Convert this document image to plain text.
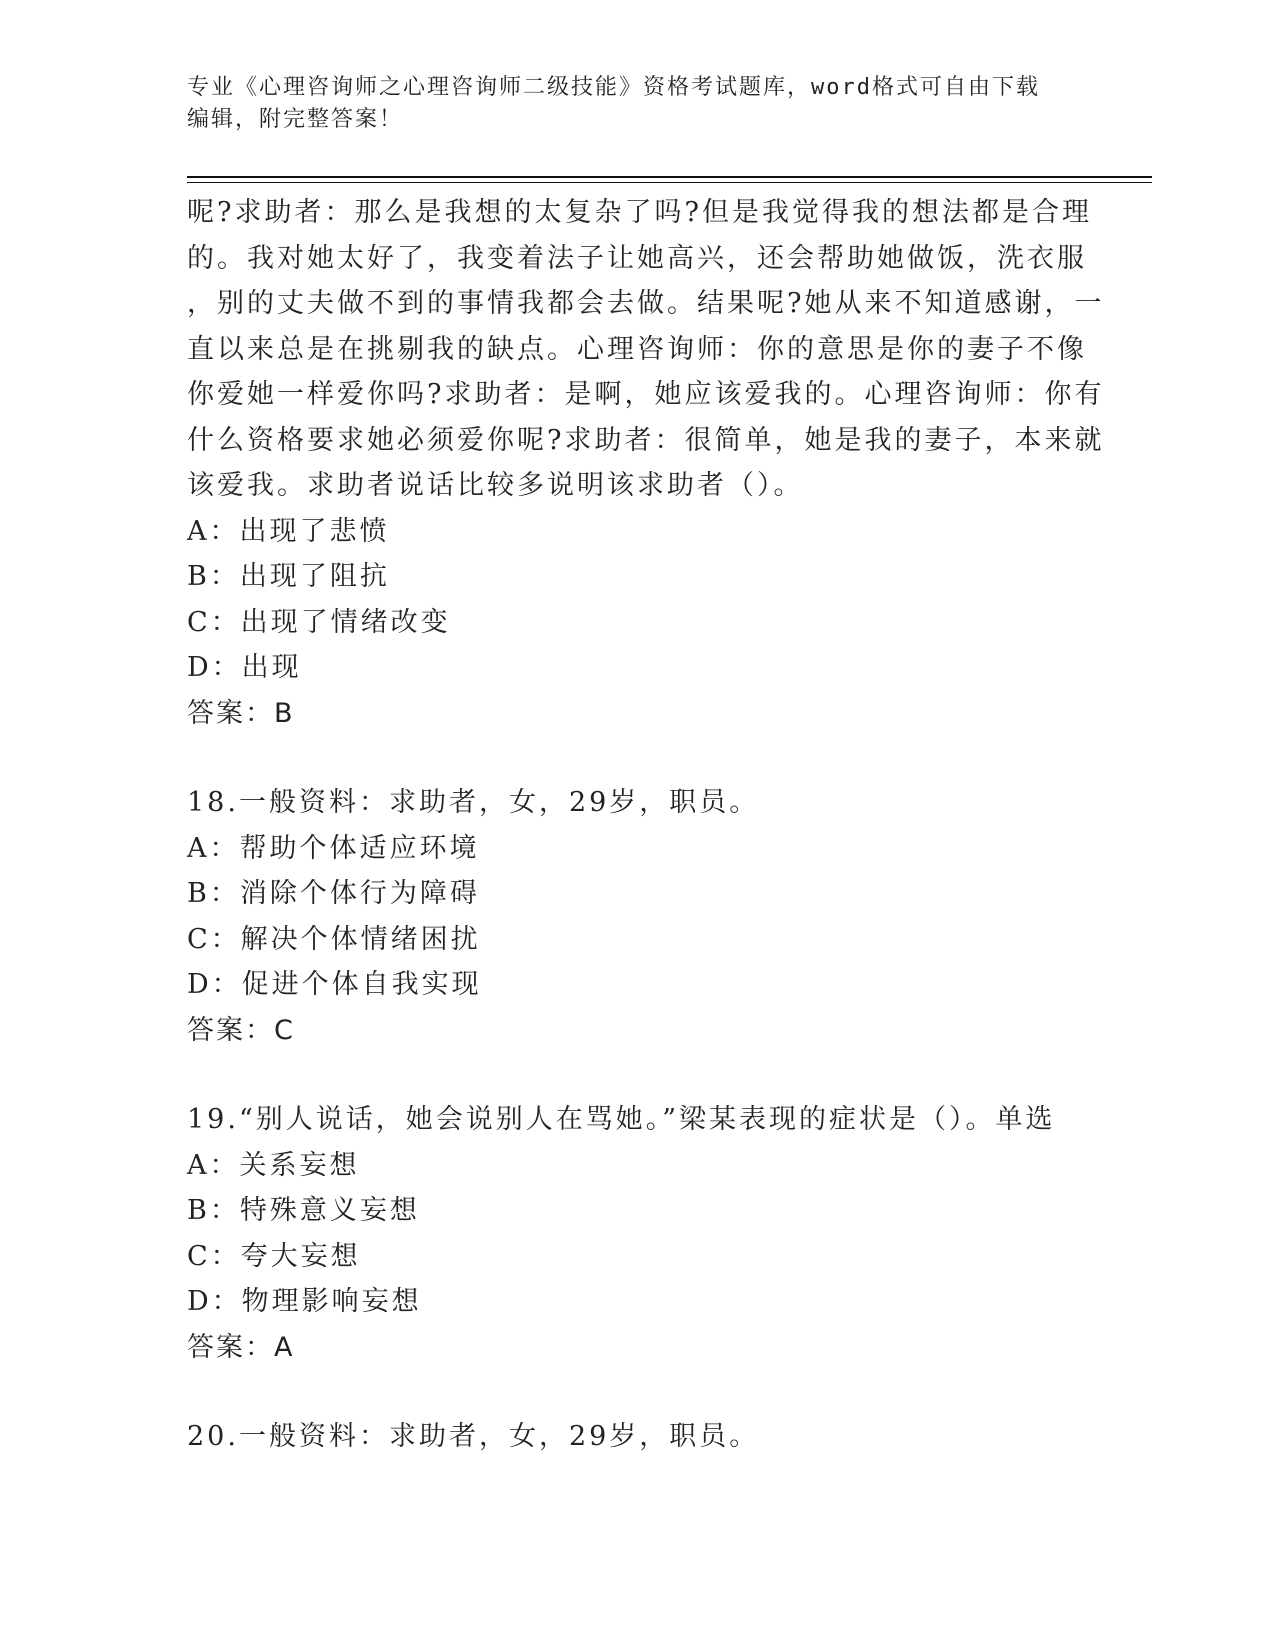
专业《心理咨询师之心理咨询师二级技能》资格考试题库，word格式可自由下载
编辑，附完整答案！
呢?求助者：那么是我想的太复杂了吗?但是我觉得我的想法都是合理
的。我对她太好了，我变着法子让她高兴，还会帮助她做饭，洗衣服
，别的丈夫做不到的事情我都会去做。结果呢?她从来不知道感谢，一
直以来总是在挑剔我的缺点。心理咨询师：你的意思是你的妻子不像
你爱她一样爱你吗?求助者：是啊，她应该爱我的。心理咨询师：你有
什么资格要求她必须爱你呢?求助者：很简单，她是我的妻子，本来就
该爱我。求助者说话比较多说明该求助者（）。
A：出现了悲愤
B：出现了阻抗
C：出现了情绪改变
D：出现
答案：B
18.一般资料：求助者，女，29岁，职员。
A：帮助个体适应环境
B：消除个体行为障碍
C：解决个体情绪困扰
D：促进个体自我实现
答案：C
19.“别人说话，她会说别人在骂她。”梁某表现的症状是（）。单选
A：关系妄想
B：特殊意义妄想
C：夸大妄想
D：物理影响妄想
答案：A
20.一般资料：求助者，女，29岁，职员。
